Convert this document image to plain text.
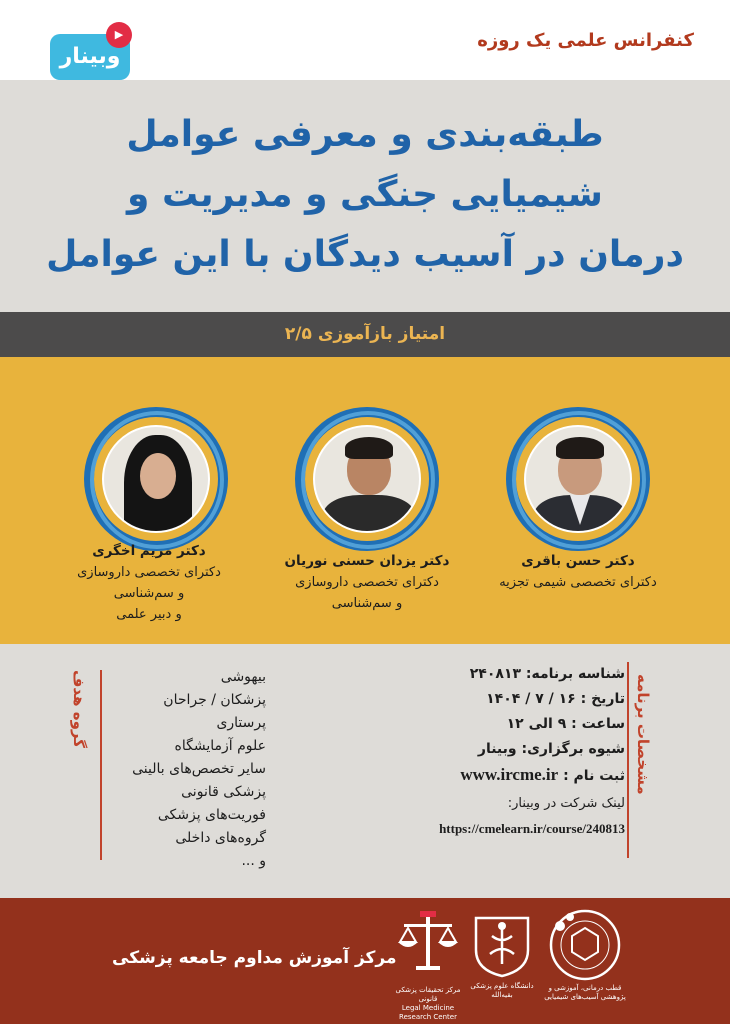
▶
وبینار
کنفرانس علمی یک روزه
طبقه‌بندی و معرفی عوامل
شیمیایی جنگی و مدیریت و
درمان در آسیب دیدگان با این عوامل
۲/۵ امتیاز بازآموزی
دکتر حسن باقری
دکترای تخصصی شیمی تجزیه
دکتر یزدان حسنی نوریان
دکترای تخصصی داروسازی
و سم‌شناسی
دکتر مریم اخگری
دکترای تخصصی داروسازی
و سم‌شناسی
و دبیر علمی
گروه هدف	بیهوشی
پزشکان / جراحان
پرستاری
علوم آزمایشگاه
سایر تخصص‌های بالینی
پزشکی قانونی
فوریت‌های پزشکی
گروه‌های داخلی
و ...
مشخصات برنامه
شناسه برنامه: ۲۴۰۸۱۳
تاریخ : ۱۶ / ۷ / ۱۴۰۴
ساعت : ۹ الی ۱۲
شیوه برگزاری: وبینار
ثبت نام : www.ircme.ir
لینک شرکت در وبینار:
https://cmelearn.ir/course/240813
مرکز آموزش مداوم جامعه پزشکی
مرکز تحقیقات پزشکی قانونی
Legal Medicine Research Center
دانشگاه علوم پزشکی بقیه‌الله
قطب درمانی، آموزشی و پژوهشی آسیب‌های شیمیایی
